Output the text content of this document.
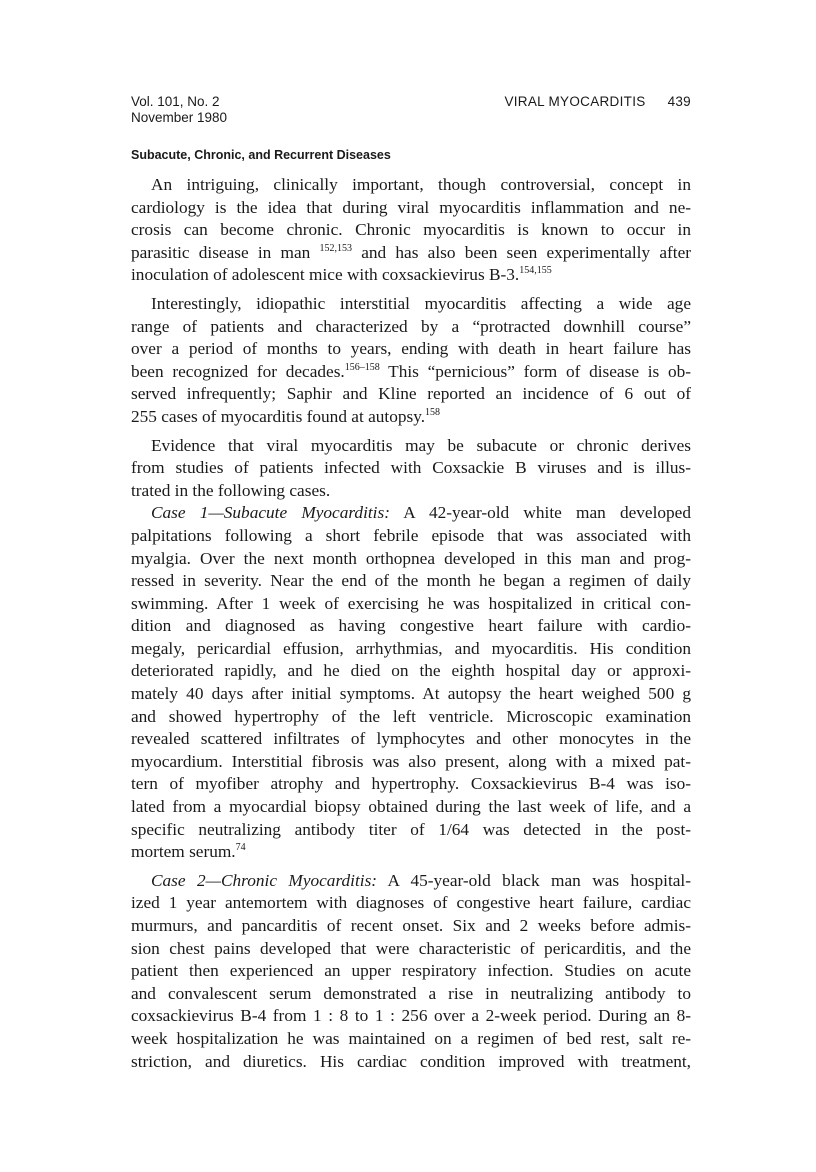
Vol. 101, No. 2
November 1980
VIRAL MYOCARDITIS 439
Subacute, Chronic, and Recurrent Diseases
An intriguing, clinically important, though controversial, concept in
cardiology is the idea that during viral myocarditis inflammation and ne-
crosis can become chronic. Chronic myocarditis is known to occur in
parasitic disease in man $^{152,153}$ and has also been seen experimentally after
inoculation of adolescent mice with coxsackievirus B-3.$^{154,155}$
Interestingly, idiopathic interstitial myocarditis affecting a wide age
range of patients and characterized by a “protracted downhill course”
over a period of months to years, ending with death in heart failure has
been recognized for decades.$^{156-158}$ This “pernicious” form of disease is ob-
served infrequently; Saphir and Kline reported an incidence of 6 out of
255 cases of myocarditis found at autopsy.$^{158}$
Evidence that viral myocarditis may be subacute or chronic derives
from studies of patients infected with Coxsackie B viruses and is illus-
trated in the following cases.
Case 1—Subacute Myocarditis: A 42-year-old white man developed
palpitations following a short febrile episode that was associated with
myalgia. Over the next month orthopnea developed in this man and prog-
ressed in severity. Near the end of the month he began a regimen of daily
swimming. After 1 week of exercising he was hospitalized in critical con-
dition and diagnosed as having congestive heart failure with cardio-
megaly, pericardial effusion, arrhythmias, and myocarditis. His condition
deteriorated rapidly, and he died on the eighth hospital day or approxi-
mately 40 days after initial symptoms. At autopsy the heart weighed 500 g
and showed hypertrophy of the left ventricle. Microscopic examination
revealed scattered infiltrates of lymphocytes and other monocytes in the
myocardium. Interstitial fibrosis was also present, along with a mixed pat-
tern of myofiber atrophy and hypertrophy. Coxsackievirus B-4 was iso-
lated from a myocardial biopsy obtained during the last week of life, and a
specific neutralizing antibody titer of 1/64 was detected in the post-
mortem serum.$^{74}$
Case 2—Chronic Myocarditis: A 45-year-old black man was hospital-
ized 1 year antemortem with diagnoses of congestive heart failure, cardiac
murmurs, and pancarditis of recent onset. Six and 2 weeks before admis-
sion chest pains developed that were characteristic of pericarditis, and the
patient then experienced an upper respiratory infection. Studies on acute
and convalescent serum demonstrated a rise in neutralizing antibody to
coxsackievirus B-4 from 1 : 8 to 1 : 256 over a 2-week period. During an 8-
week hospitalization he was maintained on a regimen of bed rest, salt re-
striction, and diuretics. His cardiac condition improved with treatment,
